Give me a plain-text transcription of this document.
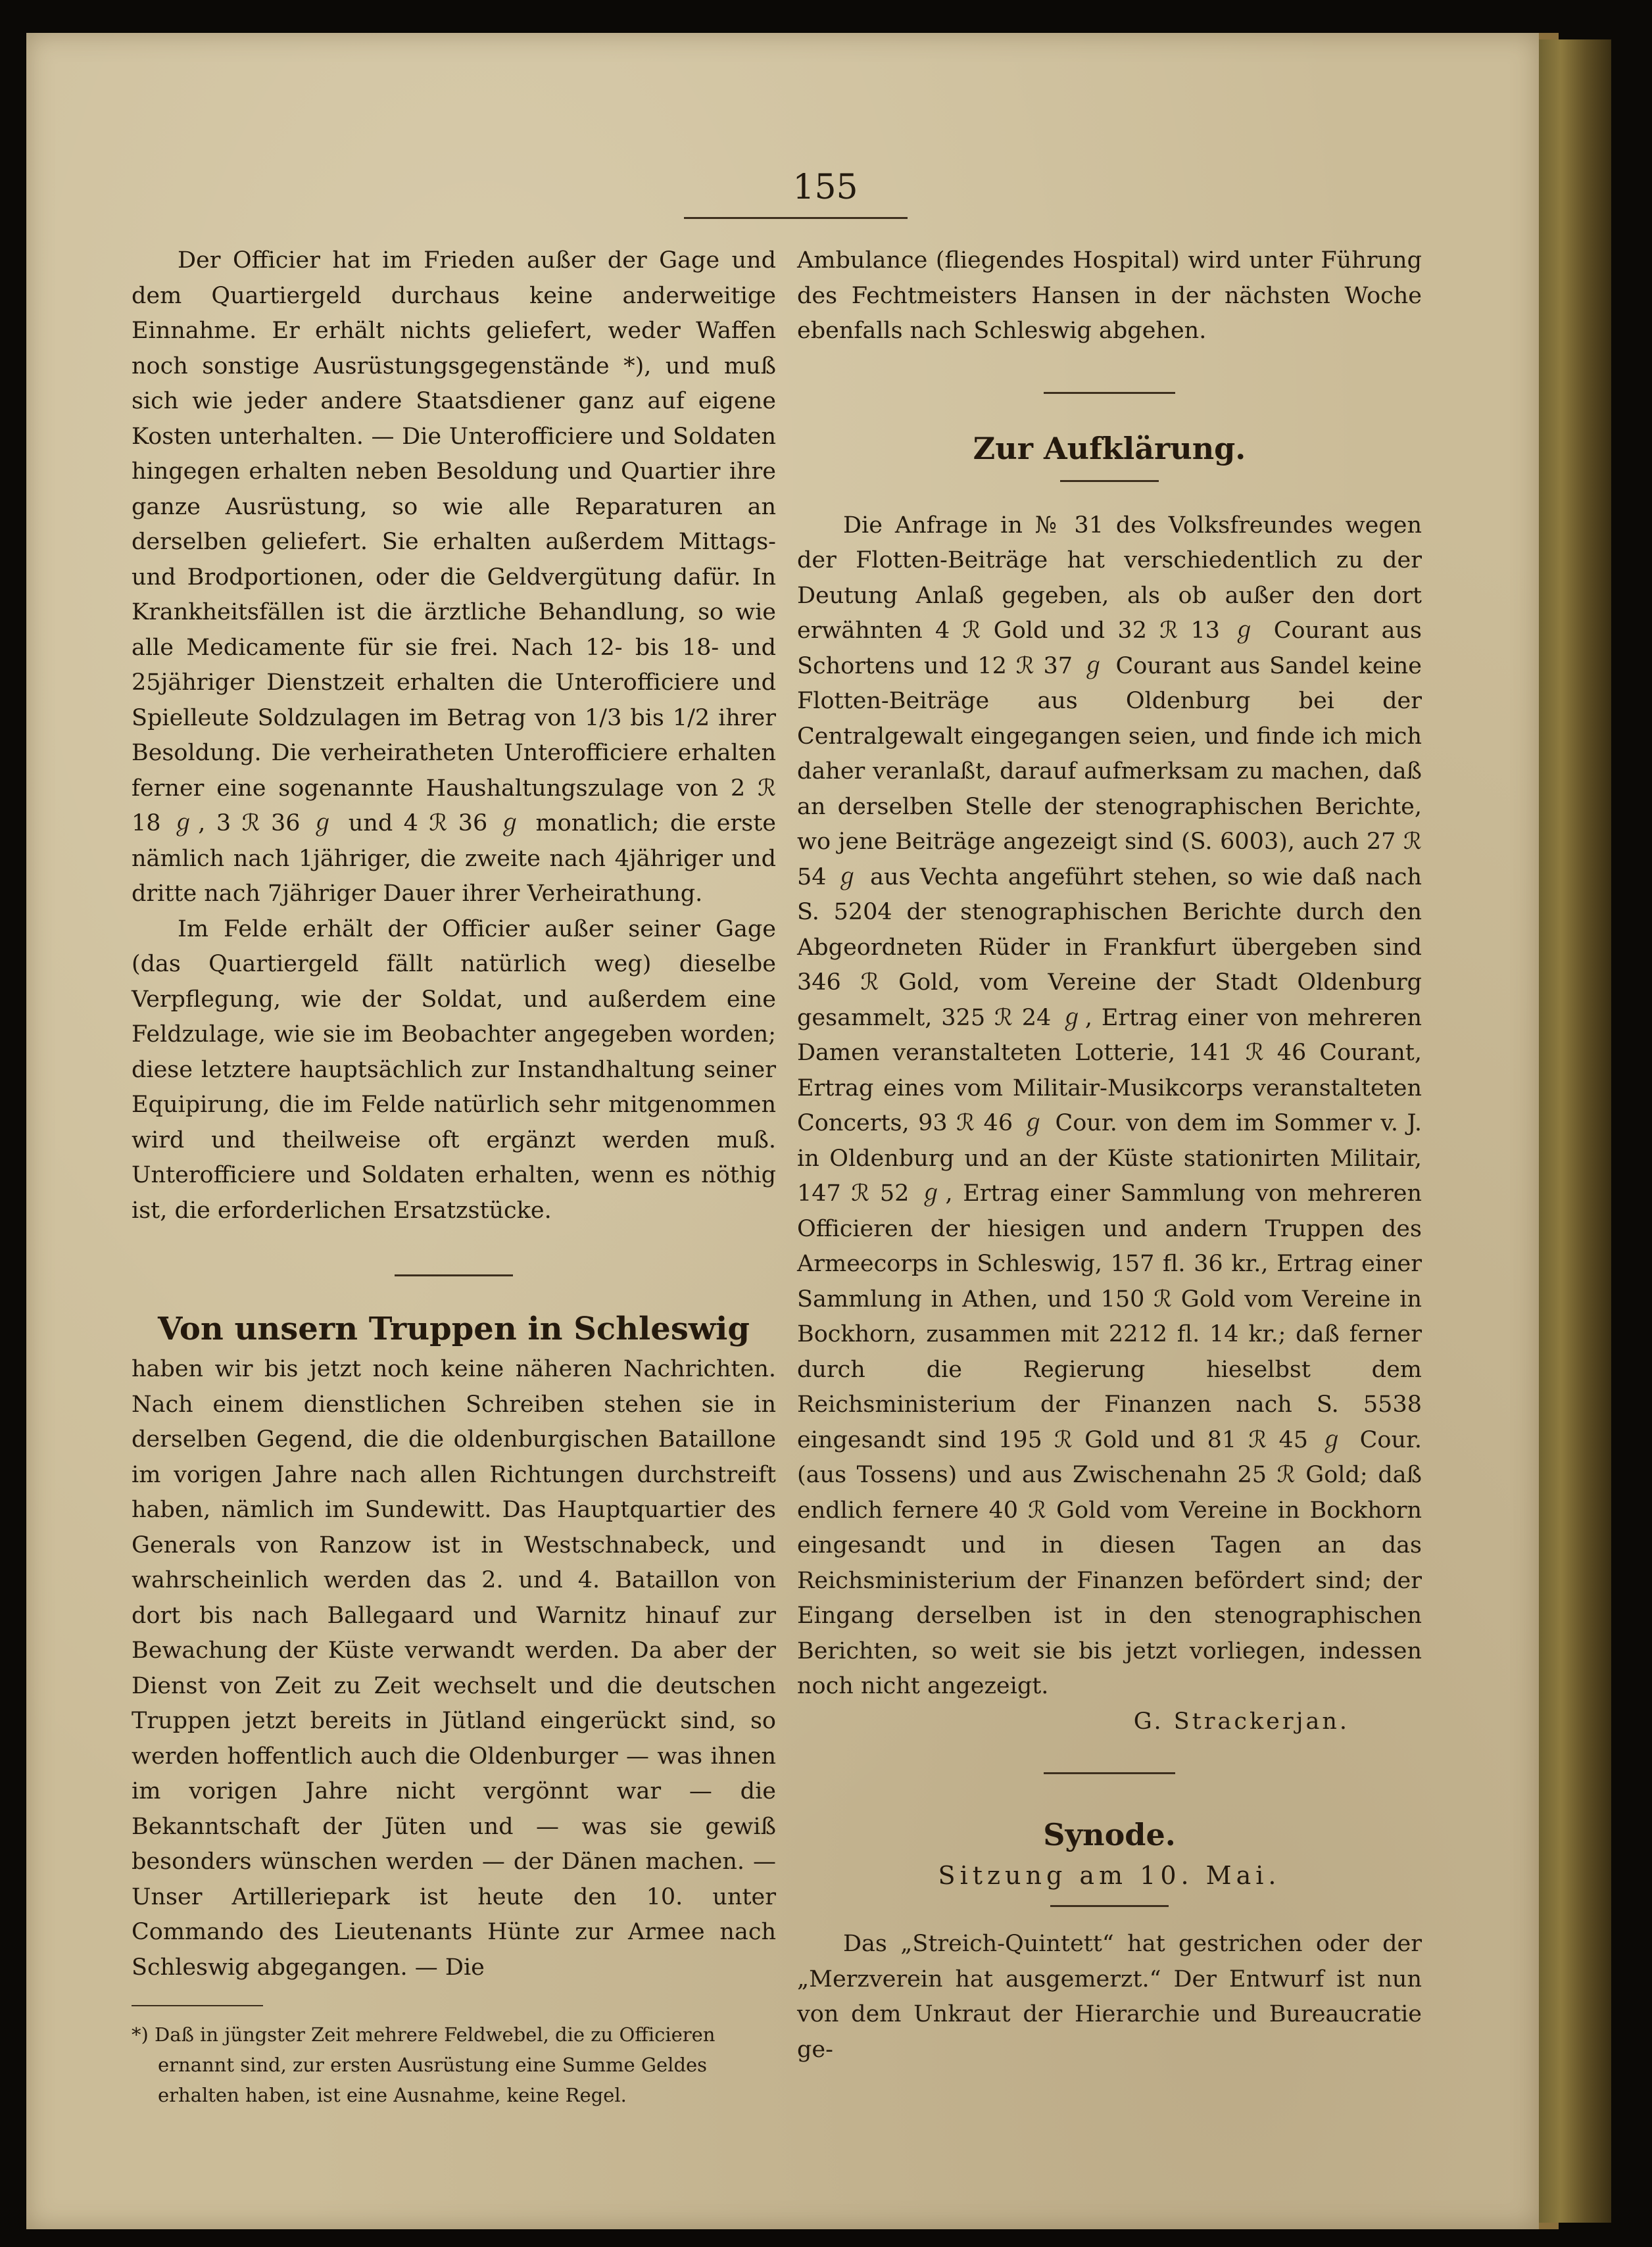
155

Der Officier hat im Frieden außer der Gage und dem Quartiergeld durchaus keine anderweitige Einnahme. Er erhält nichts geliefert, weder Waffen noch sonstige Ausrüstungsgegenstände *), und muß sich wie jeder andere Staatsdiener ganz auf eigene Kosten unterhalten. — Die Unterofficiere und Soldaten hingegen erhalten neben Besoldung und Quartier ihre ganze Ausrüstung, so wie alle Reparaturen an derselben geliefert. Sie erhalten außerdem Mittags- und Brodportionen, oder die Geldvergütung dafür. In Krankheitsfällen ist die ärztliche Behandlung, so wie alle Medicamente für sie frei. Nach 12- bis 18- und 25jähriger Dienstzeit erhalten die Unterofficiere und Spielleute Soldzulagen im Betrag von 1/3 bis 1/2 ihrer Besoldung. Die verheiratheten Unterofficiere erhalten ferner eine sogenannte Haushaltungszulage von 2 ℛ 18 ℊ, 3 ℛ 36 ℊ und 4 ℛ 36 ℊ monatlich; die erste nämlich nach 1jähriger, die zweite nach 4jähriger und dritte nach 7jähriger Dauer ihrer Verheirathung.

Im Felde erhält der Officier außer seiner Gage (das Quartiergeld fällt natürlich weg) dieselbe Verpflegung, wie der Soldat, und außerdem eine Feldzulage, wie sie im Beobachter angegeben worden; diese letztere hauptsächlich zur Instandhaltung seiner Equipirung, die im Felde natürlich sehr mitgenommen wird und theilweise oft ergänzt werden muß. Unterofficiere und Soldaten erhalten, wenn es nöthig ist, die erforderlichen Ersatzstücke.

Von unsern Truppen in Schleswig

haben wir bis jetzt noch keine näheren Nachrichten. Nach einem dienstlichen Schreiben stehen sie in derselben Gegend, die die oldenburgischen Bataillone im vorigen Jahre nach allen Richtungen durchstreift haben, nämlich im Sundewitt. Das Hauptquartier des Generals von Ranzow ist in Westschnabeck, und wahrscheinlich werden das 2. und 4. Bataillon von dort bis nach Ballegaard und Warnitz hinauf zur Bewachung der Küste verwandt werden. Da aber der Dienst von Zeit zu Zeit wechselt und die deutschen Truppen jetzt bereits in Jütland eingerückt sind, so werden hoffentlich auch die Oldenburger — was ihnen im vorigen Jahre nicht vergönnt war — die Bekanntschaft der Jüten und — was sie gewiß besonders wünschen werden — der Dänen machen. — Unser Artilleriepark ist heute den 10. unter Commando des Lieutenants Hünte zur Armee nach Schleswig abgegangen. — Die

*) Daß in jüngster Zeit mehrere Feldwebel, die zu Officieren ernannt sind, zur ersten Ausrüstung eine Summe Geldes erhalten haben, ist eine Ausnahme, keine Regel.

Ambulance (fliegendes Hospital) wird unter Führung des Fechtmeisters Hansen in der nächsten Woche ebenfalls nach Schleswig abgehen.

Zur Aufklärung.

Die Anfrage in № 31 des Volksfreundes wegen der Flotten-Beiträge hat verschiedentlich zu der Deutung Anlaß gegeben, als ob außer den dort erwähnten 4 ℛ Gold und 32 ℛ 13 ℊ Courant aus Schortens und 12 ℛ 37 ℊ Courant aus Sandel keine Flotten-Beiträge aus Oldenburg bei der Centralgewalt eingegangen seien, und finde ich mich daher veranlaßt, darauf aufmerksam zu machen, daß an derselben Stelle der stenographischen Berichte, wo jene Beiträge angezeigt sind (S. 6003), auch 27 ℛ 54 ℊ aus Vechta angeführt stehen, so wie daß nach S. 5204 der stenographischen Berichte durch den Abgeordneten Rüder in Frankfurt übergeben sind 346 ℛ Gold, vom Vereine der Stadt Oldenburg gesammelt, 325 ℛ 24 ℊ, Ertrag einer von mehreren Damen veranstalteten Lotterie, 141 ℛ 46 Courant, Ertrag eines vom Militair-Musikcorps veranstalteten Concerts, 93 ℛ 46 ℊ Cour. von dem im Sommer v. J. in Oldenburg und an der Küste stationirten Militair, 147 ℛ 52 ℊ, Ertrag einer Sammlung von mehreren Officieren der hiesigen und andern Truppen des Armeecorps in Schleswig, 157 fl. 36 kr., Ertrag einer Sammlung in Athen, und 150 ℛ Gold vom Vereine in Bockhorn, zusammen mit 2212 fl. 14 kr.; daß ferner durch die Regierung hieselbst dem Reichsministerium der Finanzen nach S. 5538 eingesandt sind 195 ℛ Gold und 81 ℛ 45 ℊ Cour. (aus Tossens) und aus Zwischenahn 25 ℛ Gold; daß endlich fernere 40 ℛ Gold vom Vereine in Bockhorn eingesandt und in diesen Tagen an das Reichsministerium der Finanzen befördert sind; der Eingang derselben ist in den stenographischen Berichten, so weit sie bis jetzt vorliegen, indessen noch nicht angezeigt.

G. Strackerjan.

Synode.

Sitzung am 10. Mai.

Das „Streich-Quintett“ hat gestrichen oder der „Merzverein hat ausgemerzt.“ Der Entwurf ist nun von dem Unkraut der Hierarchie und Bureaucratie ge-
